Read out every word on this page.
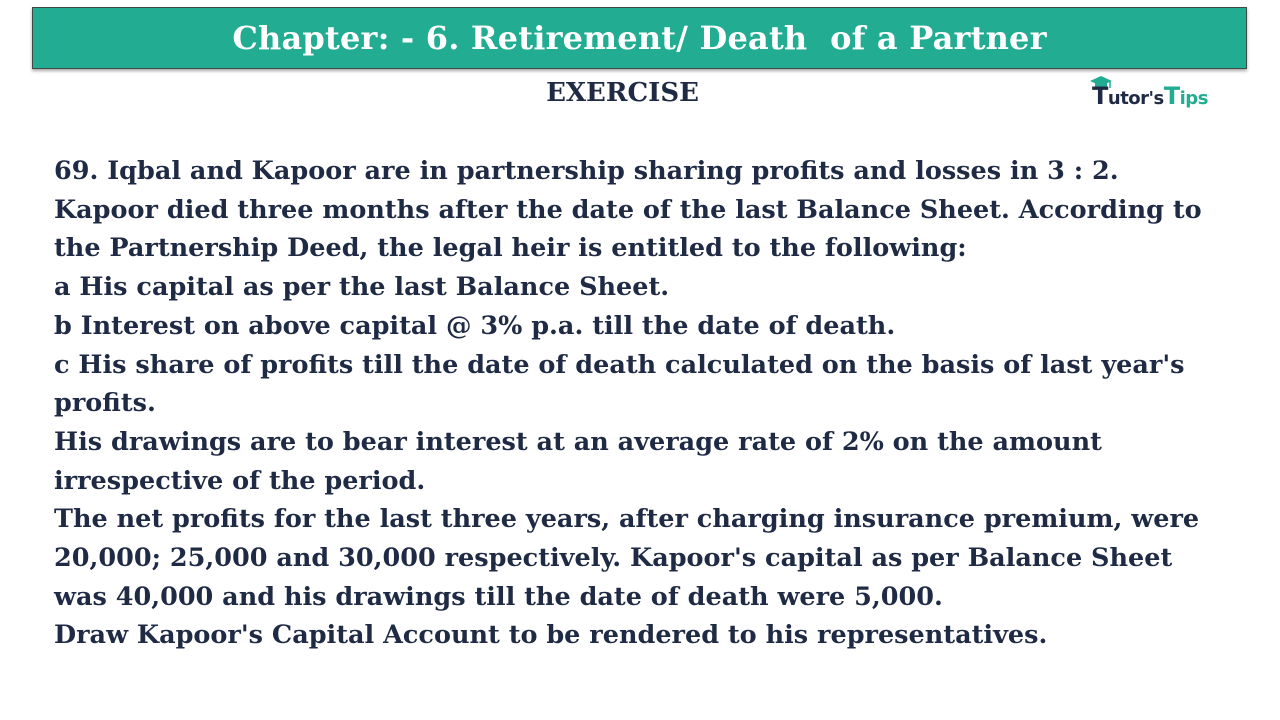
Chapter: - 6. Retirement/ Death  of a Partner
EXERCISE	Tutor'sTips

69. Iqbal and Kapoor are in partnership sharing profits and losses in 3 : 2.

Kapoor died three months after the date of the last Balance Sheet. According to

the Partnership Deed, the legal heir is entitled to the following:

a His capital as per the last Balance Sheet.

b Interest on above capital @ 3% p.a. till the date of death.

c His share of profits till the date of death calculated on the basis of last year's

profits.

His drawings are to bear interest at an average rate of 2% on the amount

irrespective of the period.

The net profits for the last three years, after charging insurance premium, were

20,000; 25,000 and 30,000 respectively. Kapoor's capital as per Balance Sheet

was 40,000 and his drawings till the date of death were 5,000.

Draw Kapoor's Capital Account to be rendered to his representatives.
